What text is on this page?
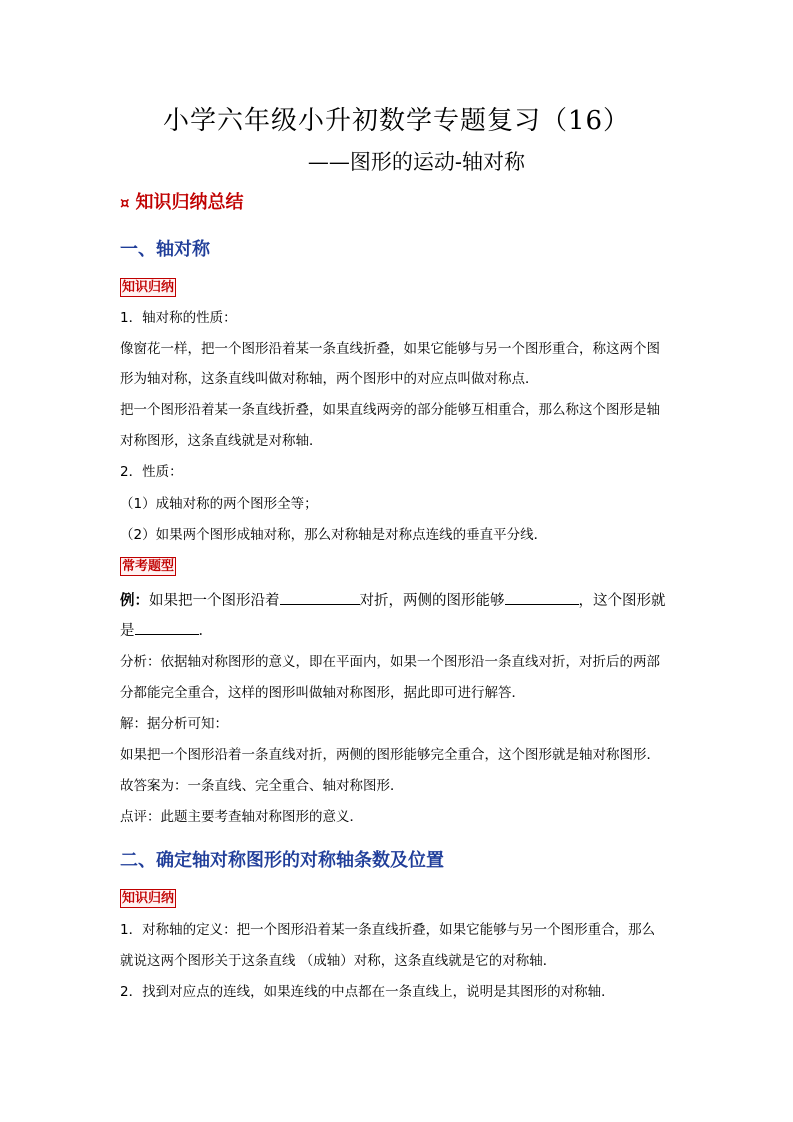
小学六年级小升初数学专题复习（16）
——图形的运动-轴对称
¤ 知识归纳总结
一、轴对称
知识归纳
1．轴对称的性质：
像窗花一样，把一个图形沿着某一条直线折叠，如果它能够与另一个图形重合，称这两个图
形为轴对称，这条直线叫做对称轴，两个图形中的对应点叫做对称点．
把一个图形沿着某一条直线折叠，如果直线两旁的部分能够互相重合，那么称这个图形是轴
对称图形，这条直线就是对称轴．
2．性质：
（1）成轴对称的两个图形全等；
（2）如果两个图形成轴对称，那么对称轴是对称点连线的垂直平分线．
常考题型
例：如果把一个图形沿着	对折，两侧的图形能够	，这个图形就
是	．
分析：依据轴对称图形的意义，即在平面内，如果一个图形沿一条直线对折，对折后的两部
分都能完全重合，这样的图形叫做轴对称图形，据此即可进行解答．
解：据分析可知：
如果把一个图形沿着一条直线对折，两侧的图形能够完全重合，这个图形就是轴对称图形．
故答案为：一条直线、完全重合、轴对称图形．
点评：此题主要考查轴对称图形的意义．
二、确定轴对称图形的对称轴条数及位置
知识归纳
1．对称轴的定义：把一个图形沿着某一条直线折叠，如果它能够与另一个图形重合，那么
就说这两个图形关于这条直线 （成轴）对称，这条直线就是它的对称轴．
2．找到对应点的连线，如果连线的中点都在一条直线上，说明是其图形的对称轴．
